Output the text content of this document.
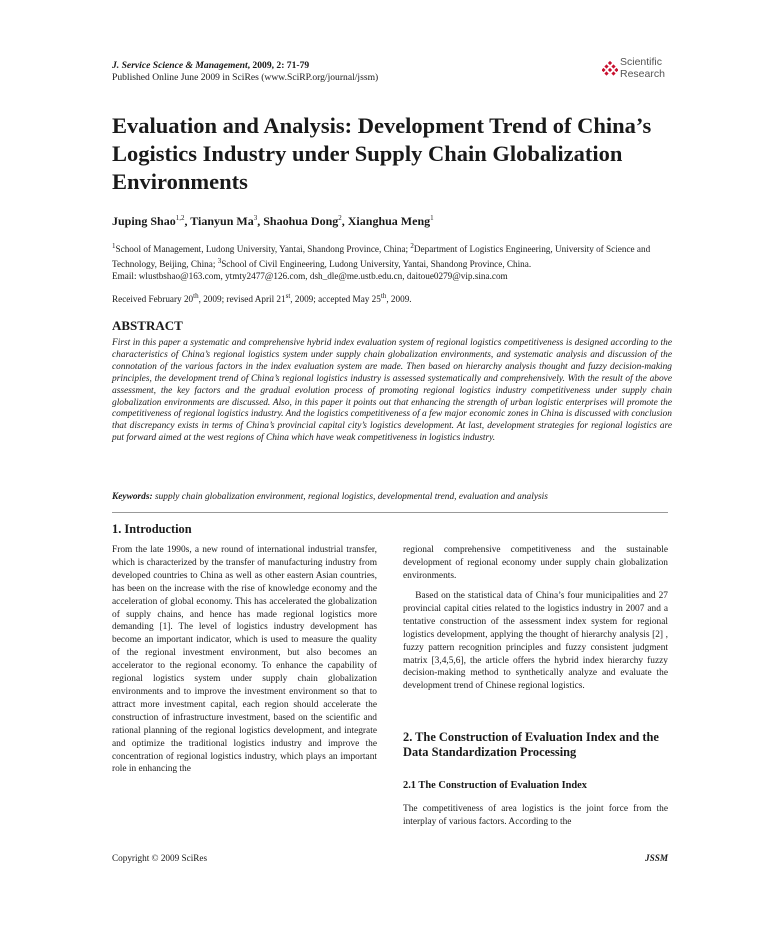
J. Service Science & Management, 2009, 2: 71-79
Published Online June 2009 in SciRes (www.SciRP.org/journal/jssm)
Scientific
Research
Evaluation and Analysis: Development Trend of China’s Logistics Industry under Supply Chain Globalization Environments
Juping Shao$^{1,2}$, Tianyun Ma$^3$, Shaohua Dong$^2$, Xianghua Meng$^1$
$^1$School of Management, Ludong University, Yantai, Shandong Province, China; $^2$Department of Logistics Engineering, University of Science and Technology, Beijing, China; $^3$School of Civil Engineering, Ludong University, Yantai, Shandong Province, China.
Email: wlustbshao@163.com, ytmty2477@126.com, dsh_dle@me.ustb.edu.cn, daitoue0279@vip.sina.com
Received February 20th, 2009; revised April 21st, 2009; accepted May 25th, 2009.
ABSTRACT

First in this paper a systematic and comprehensive hybrid index evaluation system of regional logistics competitiveness is designed according to the characteristics of China’s regional logistics system under supply chain globalization environments, and systematic analysis and discussion of the connotation of the various factors in the index evaluation system are made. Then based on hierarchy analysis thought and fuzzy decision-making principles, the development trend of China’s regional logistics industry is assessed systematically and comprehensively. With the result of the above assessment, the key factors and the gradual evolution process of promoting regional logistics industry competitiveness under supply chain globalization environments are discussed. Also, in this paper it points out that enhancing the strength of urban logistic enterprises will promote the competitiveness of regional logistics industry. And the logistics competitiveness of a few major economic zones in China is discussed with conclusion that discrepancy exists in terms of China’s provincial capital city’s logistics development. At last, development strategies for regional logistics are put forward aimed at the west regions of China which have weak competitiveness in logistics industry.

Keywords: supply chain globalization environment, regional logistics, developmental trend, evaluation and analysis
1. Introduction

From the late 1990s, a new round of international industrial transfer, which is characterized by the transfer of manufacturing industry from developed countries to China as well as other eastern Asian countries, has been on the increase with the rise of knowledge economy and the acceleration of global economy. This has accelerated the globalization of supply chains, and hence has made regional logistics more demanding [1]. The level of logistics industry development has become an important indicator, which is used to measure the quality of the regional investment environment, but also becomes an accelerator to the regional economy. To enhance the capability of regional logistics system under supply chain globalization environments and to improve the investment environment so that to attract more investment capital, each region should accelerate the construction of infrastructure investment, based on the scientific and rational planning of the regional logistics development, and integrate and optimize the traditional logistics industry and improve the concentration of regional logistics industry, which plays an important role in enhancing the

regional comprehensive competitiveness and the sustainable development of regional economy under supply chain globalization environments.

Based on the statistical data of China’s four municipalities and 27 provincial capital cities related to the logistics industry in 2007 and a tentative construction of the assessment index system for regional logistics development, applying the thought of hierarchy analysis [2] , fuzzy pattern recognition principles and fuzzy consistent judgment matrix [3,4,5,6], the article offers the hybrid index hierarchy fuzzy decision-making method to synthetically analyze and evaluate the development trend of Chinese regional logistics.

2. The Construction of Evaluation Index and the Data Standardization Processing
2.1 The Construction of Evaluation Index

The competitiveness of area logistics is the joint force from the interplay of various factors. According to the

Copyright © 2009 SciRes	JSSM
